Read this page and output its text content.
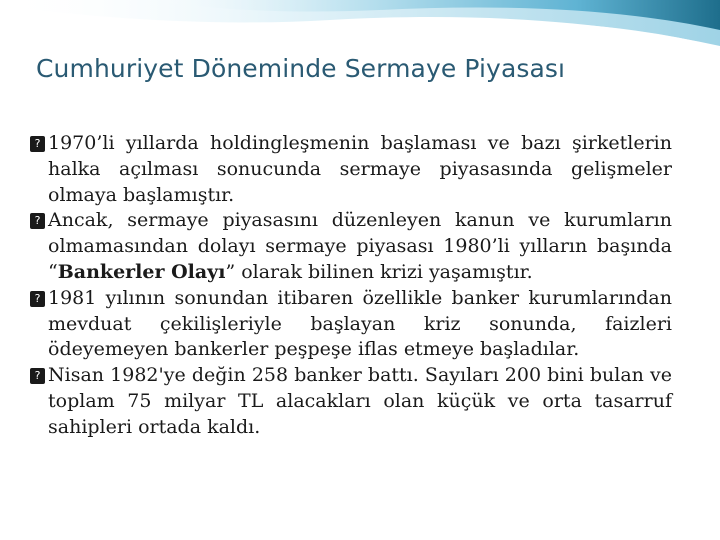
Cumhuriyet Döneminde Sermaye Piyasası
? 1970’li yıllarda holdingleşmenin başlaması ve bazı şirketlerin halka açılması sonucunda sermaye piyasasında gelişmeler olmaya başlamıştır.
? Ancak, sermaye piyasasını düzenleyen kanun ve kurumların olmamasından dolayı sermaye piyasası 1980’li yılların başında “Bankerler Olayı” olarak bilinen krizi yaşamıştır.
? 1981 yılının sonundan itibaren özellikle banker kurumlarından mevduat çekilişleriyle başlayan kriz sonunda, faizleri ödeyemeyen bankerler peşpeşe iflas etmeye başladılar.
? Nisan 1982'ye değin 258 banker battı. Sayıları 200 bini bulan ve toplam 75 milyar TL alacakları olan küçük ve orta tasarruf sahipleri ortada kaldı.
